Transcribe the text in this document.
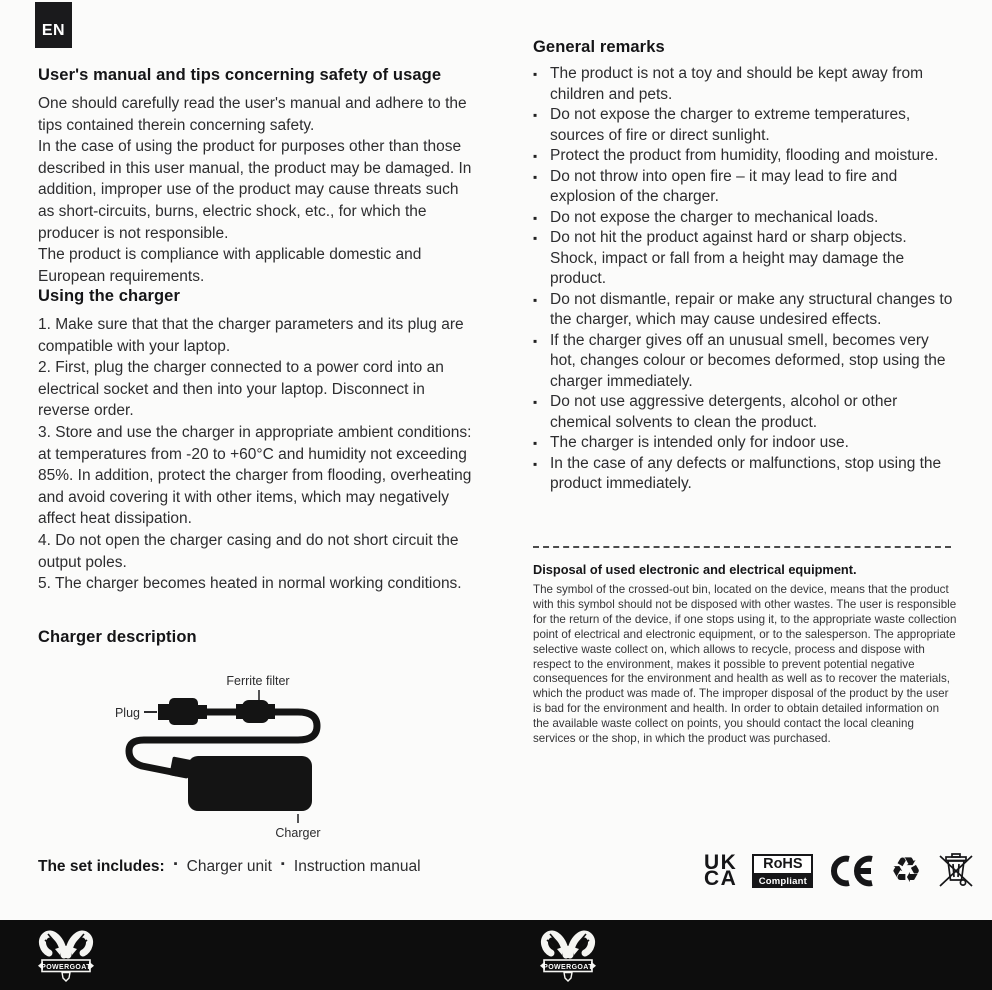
EN
User's manual and tips concerning safety of usage

One should carefully read the user's manual and adhere to the tips contained therein concerning safety.

In the case of using the product for purposes other than those described in this user manual, the product may be damaged. In addition, improper use of the product may cause threats such as short-circuits, burns, electric shock, etc., for which the producer is not responsible.

The product is compliance with applicable domestic and European requirements.

Using the charger

1. Make sure that that the charger parameters and its plug are compatible with your laptop.

2. First, plug the charger connected to a power cord into an electrical socket and then into your laptop. Disconnect in reverse order.

3. Store and use the charger in appropriate ambient conditions: at temperatures from -20 to +60°C and humidity not exceeding 85%. In addition, protect the charger from flooding, overheating and avoid covering it with other items, which may negatively affect heat dissipation.

4. Do not open the charger casing and do not short circuit the output poles.

5. The charger becomes heated in normal working conditions.

Charger description
Ferrite filter
Plug
Charger
The set includes:	▪ Charger unit	▪ Instruction manual
General remarks
▪ The product is not a toy and should be kept away from children and pets.
▪ Do not expose the charger to extreme temperatures, sources of fire or direct sunlight.
▪ Protect the product from humidity, flooding and moisture.
▪ Do not throw into open fire – it may lead to fire and explosion of the charger.
▪ Do not expose the charger to mechanical loads.
▪ Do not hit the product against hard or sharp objects. Shock, impact or fall from a height may damage the product.
▪ Do not dismantle, repair or make any structural changes to the charger, which may cause undesired effects.
▪ If the charger gives off an unusual smell, becomes very hot, changes colour or becomes deformed, stop using the charger immediately.
▪ Do not use aggressive detergents, alcohol or other chemical solvents to clean the product.
▪ The charger is intended only for indoor use.
▪ In the case of any defects or malfunctions, stop using the product immediately.
Disposal of used electronic and electrical equipment.

The symbol of the crossed-out bin, located on the device, means that the product with this symbol should not be disposed with other wastes. The user is responsible for the return of the device, if one stops using it, to the appropriate waste collection point of electrical and electronic equipment, or to the salesperson. The appropriate selective waste collect on, which allows to recycle, process and dispose with respect to the environment, makes it possible to prevent potential negative consequences for the environment and health as well as to recover the materials, which the product was made of. The improper disposal of the product by the user is bad for the environment and health. In order to obtain detailed information on the available waste collect on points, you should contact the local cleaning services or the shop, in which the product was purchased.

UK
CA
RoHS
Compliant ♻
POWERGOAT	POWERGOAT
